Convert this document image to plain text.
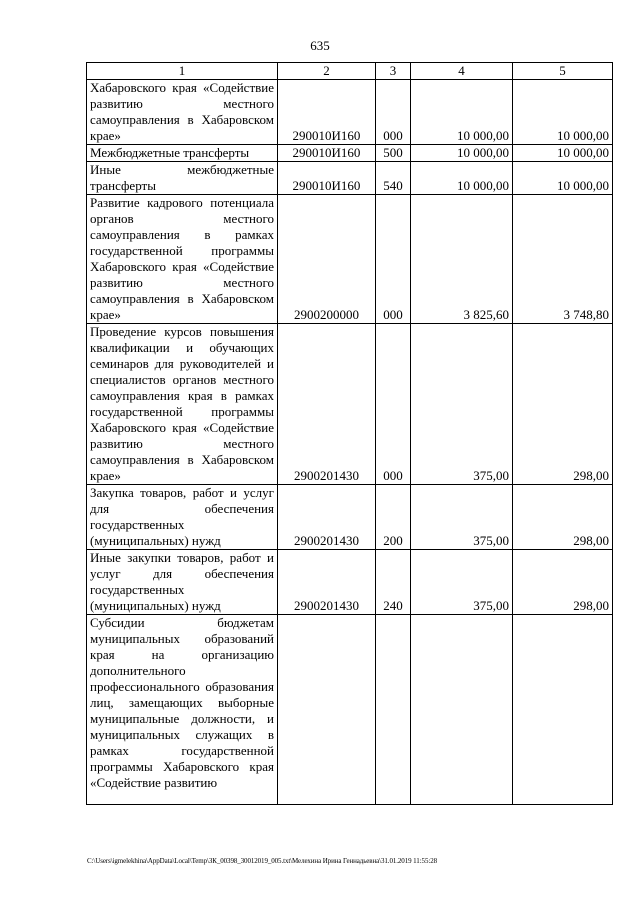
635
1	2	3	4	5
Хабаровского края «Содействие развитию местного самоуправления в Хабаровском крае»	290010И160	000	10 000,00	10 000,00
Межбюджетные трансферты	290010И160	500	10 000,00	10 000,00
Иные межбюджетные трансферты	290010И160	540	10 000,00	10 000,00
Развитие кадрового потенциала органов местного самоуправления в рамках государственной программы Хабаровского края «Содействие развитию местного самоуправления в Хабаровском крае»	2900200000	000	3 825,60	3 748,80
Проведение курсов повышения квалификации и обучающих семинаров для руководителей и специалистов органов местного самоуправления края в рамках государственной программы Хабаровского края «Содействие развитию местного самоуправления в Хабаровском крае»	2900201430	000	375,00	298,00
Закупка товаров, работ и услуг для обеспечения государственных (муниципальных) нужд	2900201430	200	375,00	298,00
Иные закупки товаров, работ и услуг для обеспечения государственных (муниципальных) нужд	2900201430	240	375,00	298,00
Субсидии бюджетам муниципальных образований края на организацию дополнительного профессионального образования лиц, замещающих выборные муниципальные должности, и муниципальных служащих в рамках государственной программы Хабаровского края «Содействие развитию				
C:\Users\igmelekhina\AppData\Local\Temp\ЗК_00398_30012019_005.txt\Мелехина Ирина Геннадьевна\31.01.2019 11:55:28
